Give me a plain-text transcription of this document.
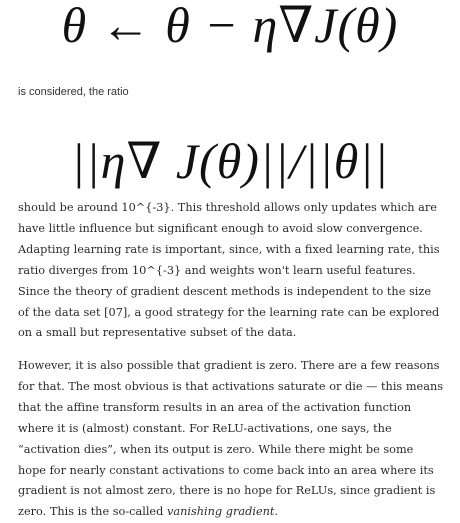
θ ← θ − η∇J(θ)
is considered, the ratio
||η∇ J(θ)||/||θ||

should be around 10^{-3}. This threshold allows only updates which are have little influence but significant enough to avoid slow convergence. Adapting learning rate is important, since, with a fixed learning rate, this ratio diverges from 10^{-3} and weights won't learn useful features. Since the theory of gradient descent methods is independent to the size of the data set [07], a good strategy for the learning rate can be explored on a small but representative subset of the data.

However, it is also possible that gradient is zero. There are a few reasons for that. The most obvious is that activations saturate or die — this means that the affine transform results in an area of the activation function where it is (almost) constant. For ReLU-activations, one says, the “activation dies”, when its output is zero. While there might be some hope for nearly constant activations to come back into an area where its gradient is not almost zero, there is no hope for ReLUs, since gradient is zero. This is the so-called vanishing gradient.
